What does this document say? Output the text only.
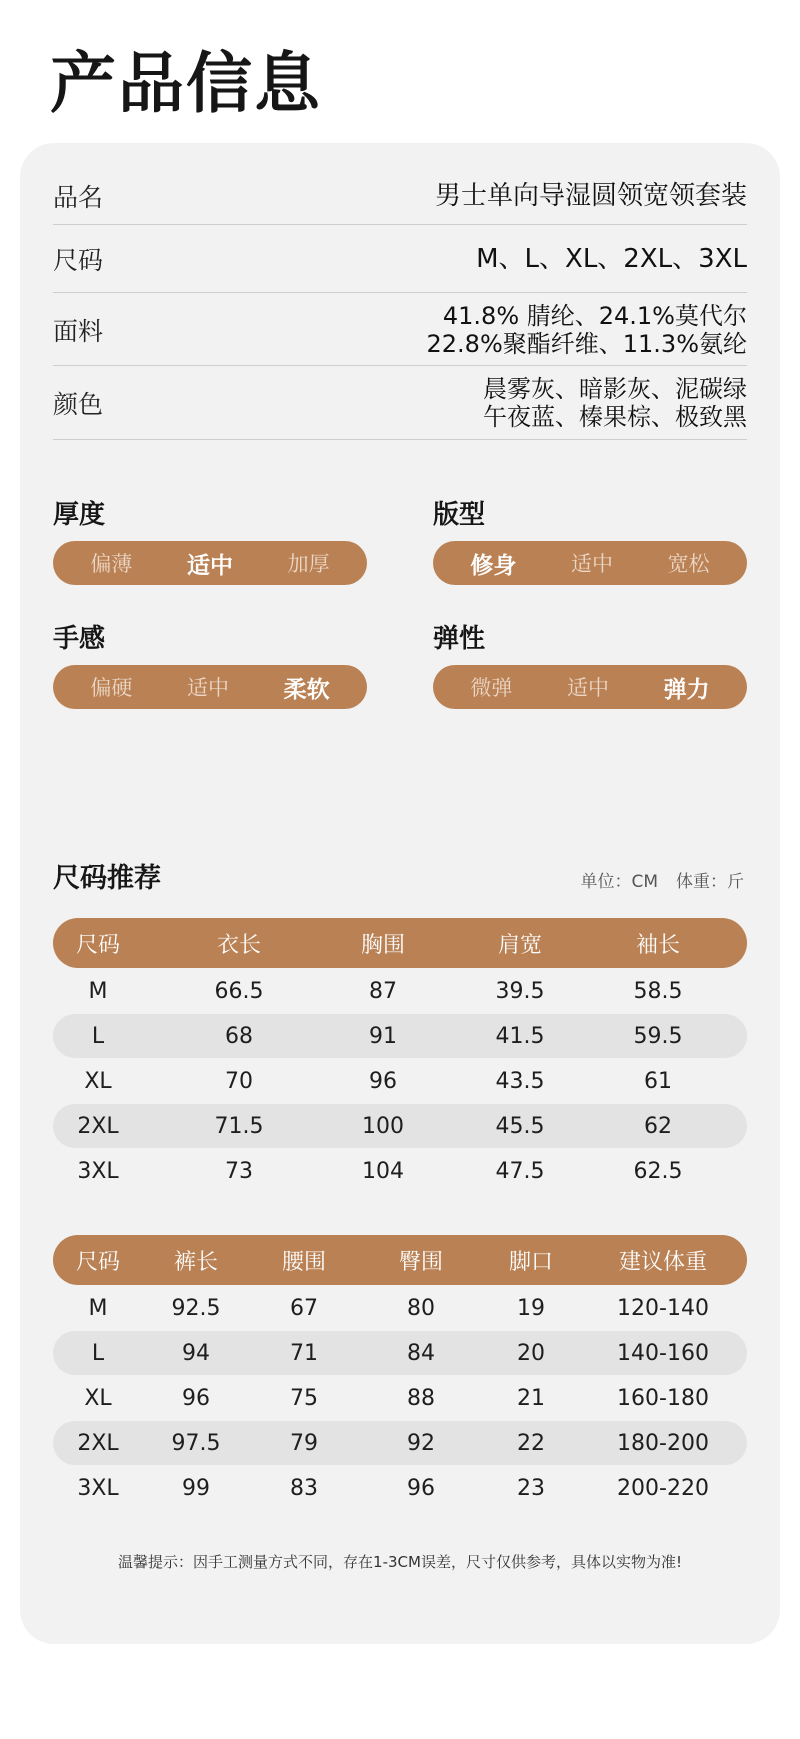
产品信息
品名	男士单向导湿圆领宽领套装
尺码	M、L、XL、2XL、3XL
面料
41.8% 腈纶、24.1%莫代尔
22.8%聚酯纤维、11.3%氨纶
颜色
晨雾灰、暗影灰、泥碳绿
午夜蓝、榛果棕、极致黑
厚度
偏薄 适中	加厚
版型
修身	适中	宽松
手感
偏硬	适中 柔软
弹性
微弹	适中 弹力
尺码推荐	单位：CM 体重：斤
尺码	衣长	胸围	肩宽	袖长
M	66.5	87	39.5	58.5
L	68	91	41.5	59.5
XL	70	96	43.5	61
2XL	71.5	100	45.5	62
3XL	73	104	47.5	62.5
尺码	裤长	腰围	臀围	脚口	建议体重
M	92.5	67	80	19	120-140
L	94	71	84	20	140-160
XL	96	75	88	21	160-180
2XL	97.5	79	92	22	180-200
3XL	99	83	96	23	200-220
温馨提示：因手工测量方式不同，存在1-3CM误差，尺寸仅供参考，具体以实物为准!
